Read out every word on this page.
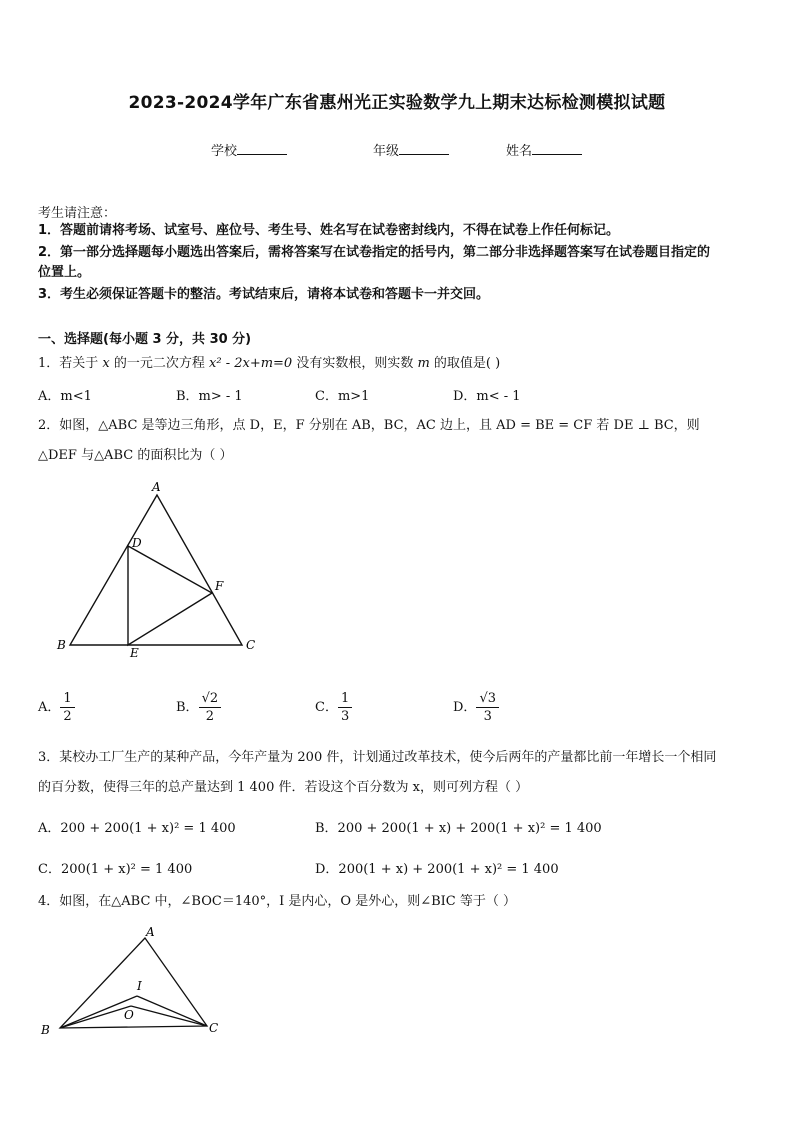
2023-2024学年广东省惠州光正实验数学九上期末达标检测模拟试题
学校	年级	姓名
考生请注意：
1．答题前请将考场、试室号、座位号、考生号、姓名写在试卷密封线内，不得在试卷上作任何标记。
2．第一部分选择题每小题选出答案后，需将答案写在试卷指定的括号内，第二部分非选择题答案写在试卷题目指定的
位置上。
3．考生必须保证答题卡的整洁。考试结束后，请将本试卷和答题卡一并交回。
一、选择题(每小题 3 分，共 30 分)
1．若关于 x 的一元二次方程 x² - 2x+m=0 没有实数根，则实数 m 的取值是( )
A．m<1	B．m> - 1	C．m>1	D．m< - 1
2．如图，△ABC 是等边三角形，点 D，E，F 分别在 AB，BC，AC 边上，且 AD = BE = CF 若 DE ⊥ BC，则
△DEF 与△ABC 的面积比为（ ）
A
B	C
D
E
F
A． $\frac{1}{2}$	B． $\frac{√2}{2}$	C． $\frac{1}{3}$	D． $\frac{√3}{3}$
3．某校办工厂生产的某种产品，今年产量为 200 件，计划通过改革技术，使今后两年的产量都比前一年增长一个相同
的百分数，使得三年的总产量达到 1 400 件．若设这个百分数为 x，则可列方程（ ）
A．200 + 200(1 + x)² = 1 400	B．200 + 200(1 + x) + 200(1 + x)² = 1 400
C．200(1 + x)² = 1 400	D．200(1 + x) + 200(1 + x)² = 1 400
4．如图，在△ABC 中，∠BOC＝140°，I 是内心，O 是外心，则∠BIC 等于（ ）
A
B	C
I
O
